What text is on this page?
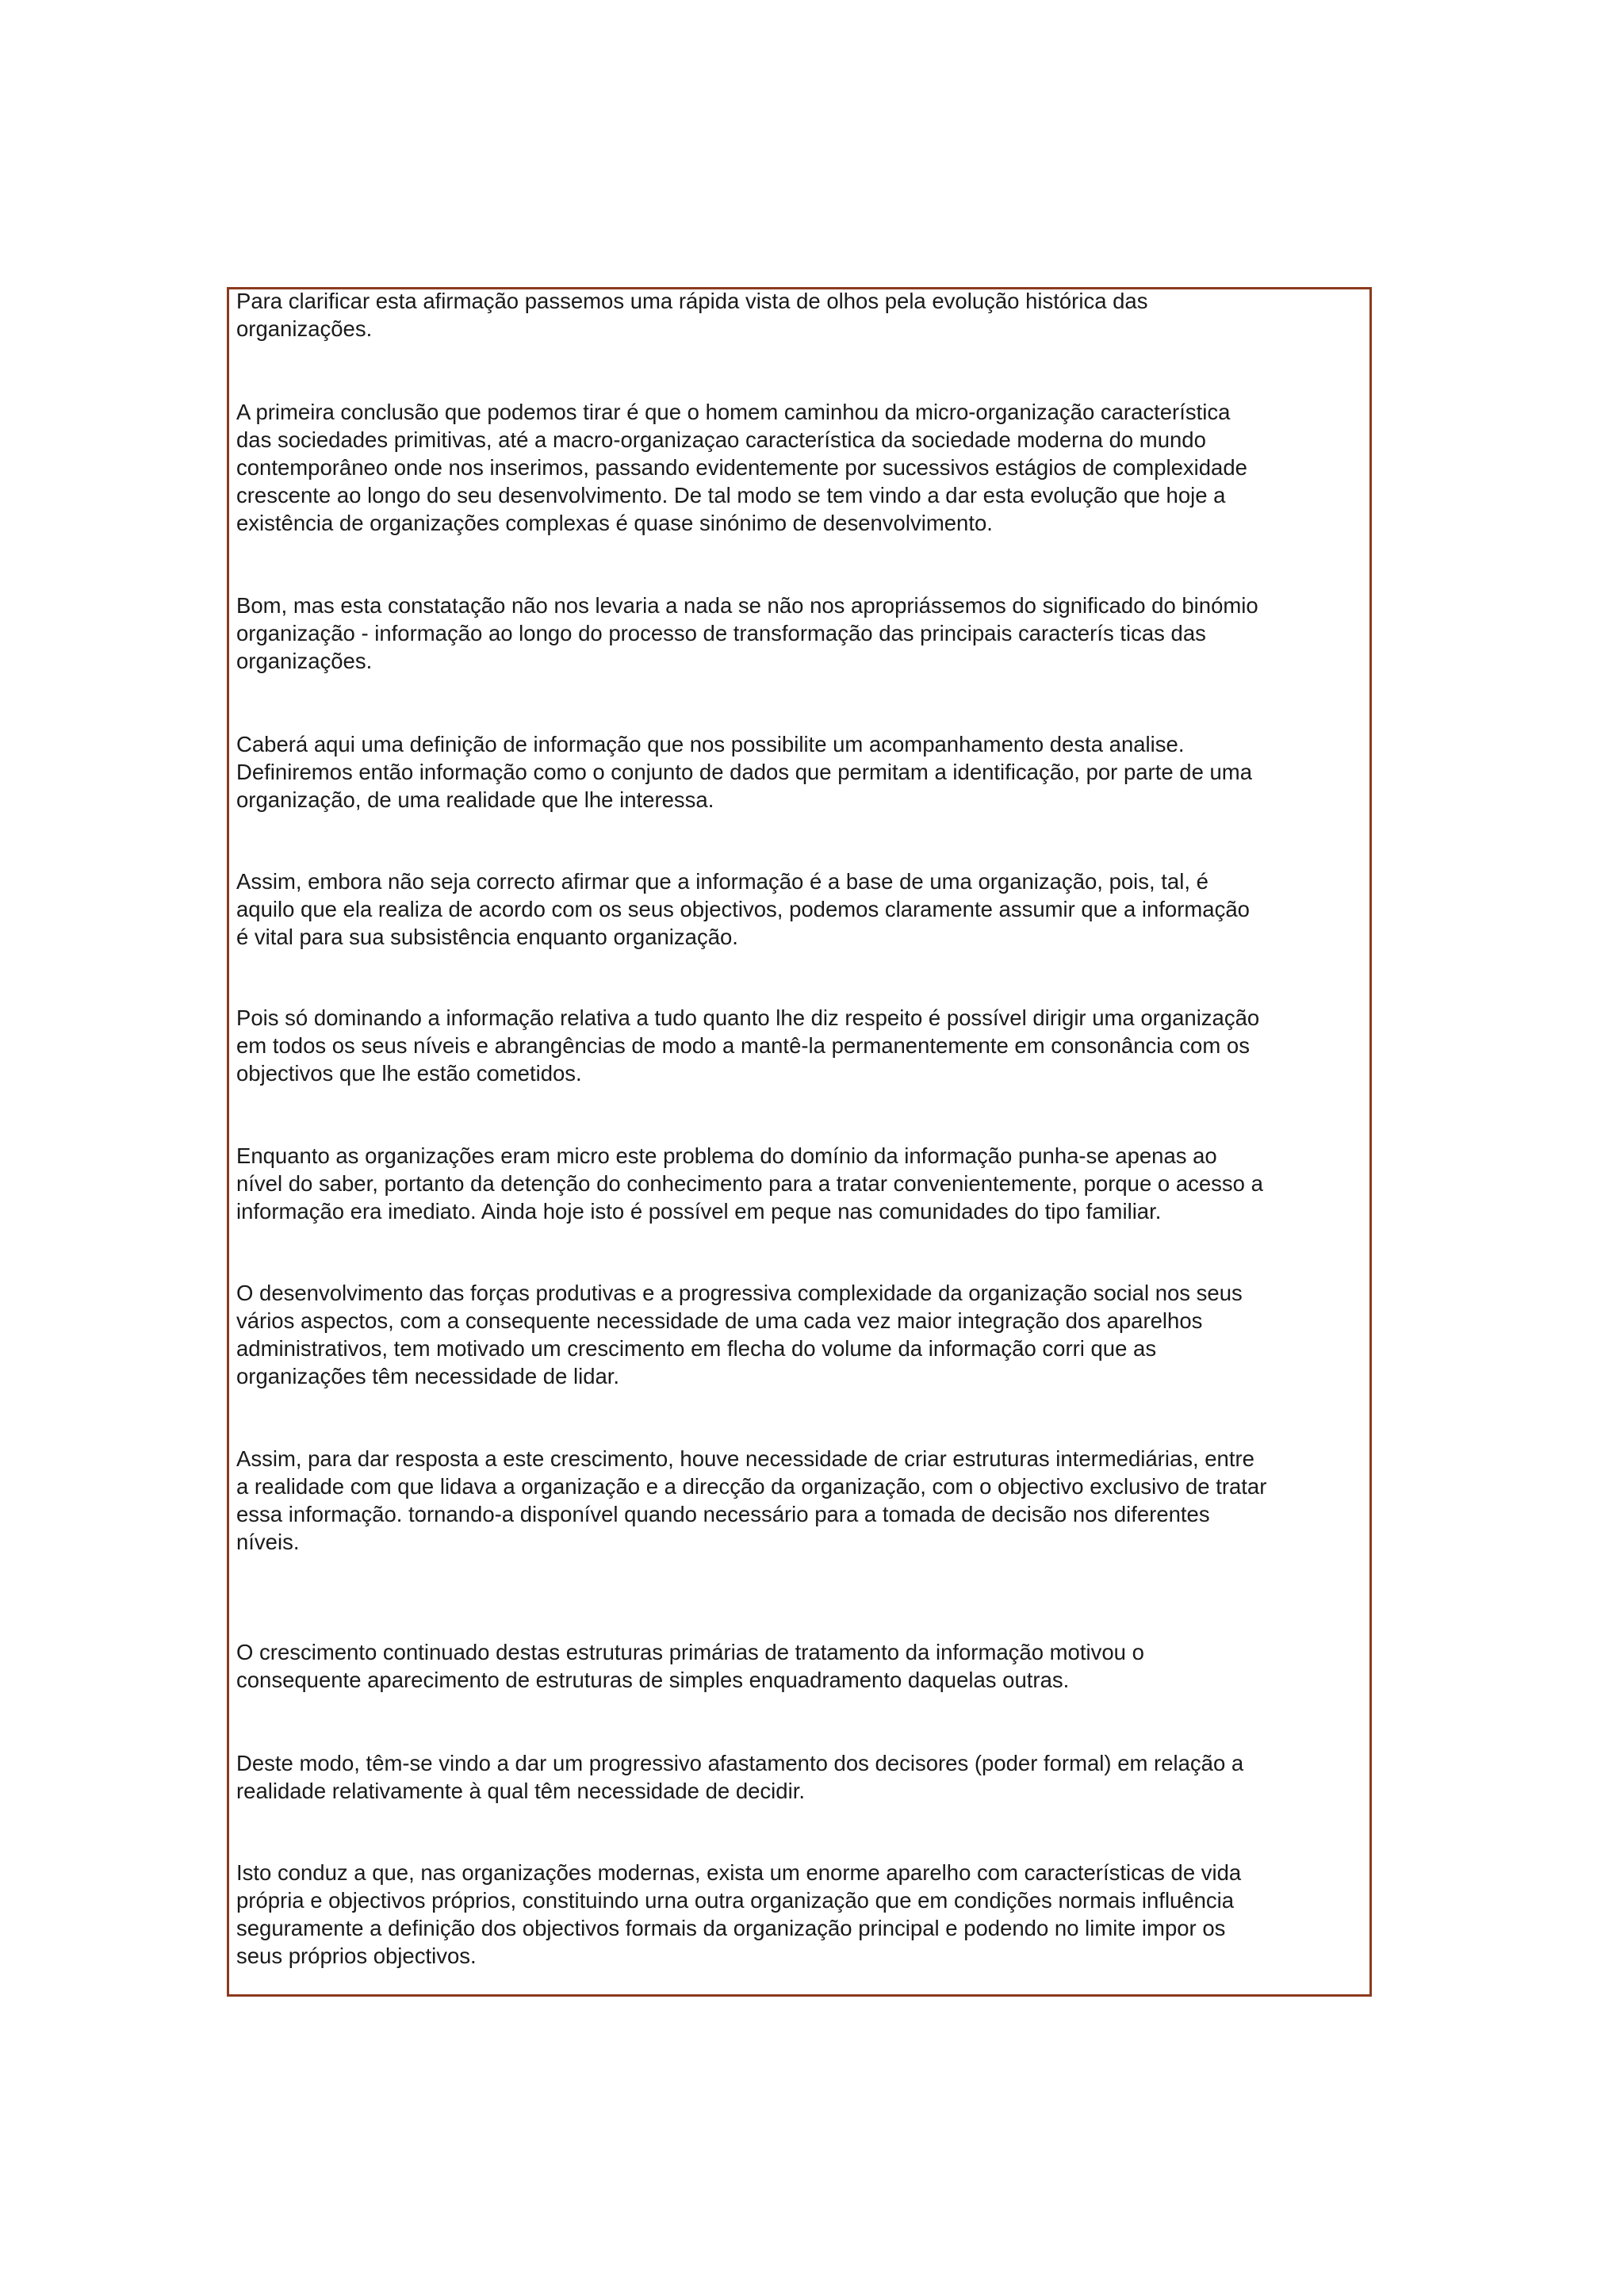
Para clarificar esta afirmação passemos uma rápida vista de olhos pela evolução histórica das
organizações.

A primeira conclusão que podemos tirar é que o homem caminhou da micro-organização característica
das sociedades primitivas, até a macro-organizaçao característica da sociedade moderna do mundo
contemporâneo onde nos inserimos, passando evidentemente por sucessivos estágios de complexidade
crescente ao longo do seu desenvolvimento. De tal modo se tem vindo a dar esta evolução que hoje a
existência de organizações complexas é quase sinónimo de desenvolvimento.

Bom, mas esta constatação não nos levaria a nada se não nos apropriássemos do significado do binómio
organização - informação ao longo do processo de transformação das principais caracterís ticas das
organizações.

Caberá aqui uma definição de informação que nos possibilite um acompanhamento desta analise.
Definiremos então informação como o conjunto de dados que permitam a identificação, por parte de uma
organização, de uma realidade que lhe interessa.

Assim, embora não seja correcto afirmar que a informação é a base de uma organização, pois, tal, é
aquilo que ela realiza de acordo com os seus objectivos, podemos claramente assumir que a informação
é vital para sua subsistência enquanto organização.

Pois só dominando a informação relativa a tudo quanto lhe diz respeito é possível dirigir uma organização
em todos os seus níveis e abrangências de modo a mantê-la permanentemente em consonância com os
objectivos que lhe estão cometidos.

Enquanto as organizações eram micro este problema do domínio da informação punha-se apenas ao
nível do saber, portanto da detenção do conhecimento para a tratar convenientemente, porque o acesso a
informação era imediato. Ainda hoje isto é possível em peque nas comunidades do tipo familiar.

O desenvolvimento das forças produtivas e a progressiva complexidade da organização social nos seus
vários aspectos, com a consequente necessidade de uma cada vez maior integração dos aparelhos
administrativos, tem motivado um crescimento em flecha do volume da informação corri que as
organizações têm necessidade de lidar.

Assim, para dar resposta a este crescimento, houve necessidade de criar estruturas intermediárias, entre
a realidade com que lidava a organização e a direcção da organização, com o objectivo exclusivo de tratar
essa informação. tornando-a disponível quando necessário para a tomada de decisão nos diferentes
níveis.

O crescimento continuado destas estruturas primárias de tratamento da informação motivou o
consequente aparecimento de estruturas de simples enquadramento daquelas outras.

Deste modo, têm-se vindo a dar um progressivo afastamento dos decisores (poder formal) em relação a
realidade relativamente à qual têm necessidade de decidir.

Isto conduz a que, nas organizações modernas, exista um enorme aparelho com características de vida
própria e objectivos próprios, constituindo urna outra organização que em condições normais influência
seguramente a definição dos objectivos formais da organização principal e podendo no limite impor os
seus próprios objectivos.
